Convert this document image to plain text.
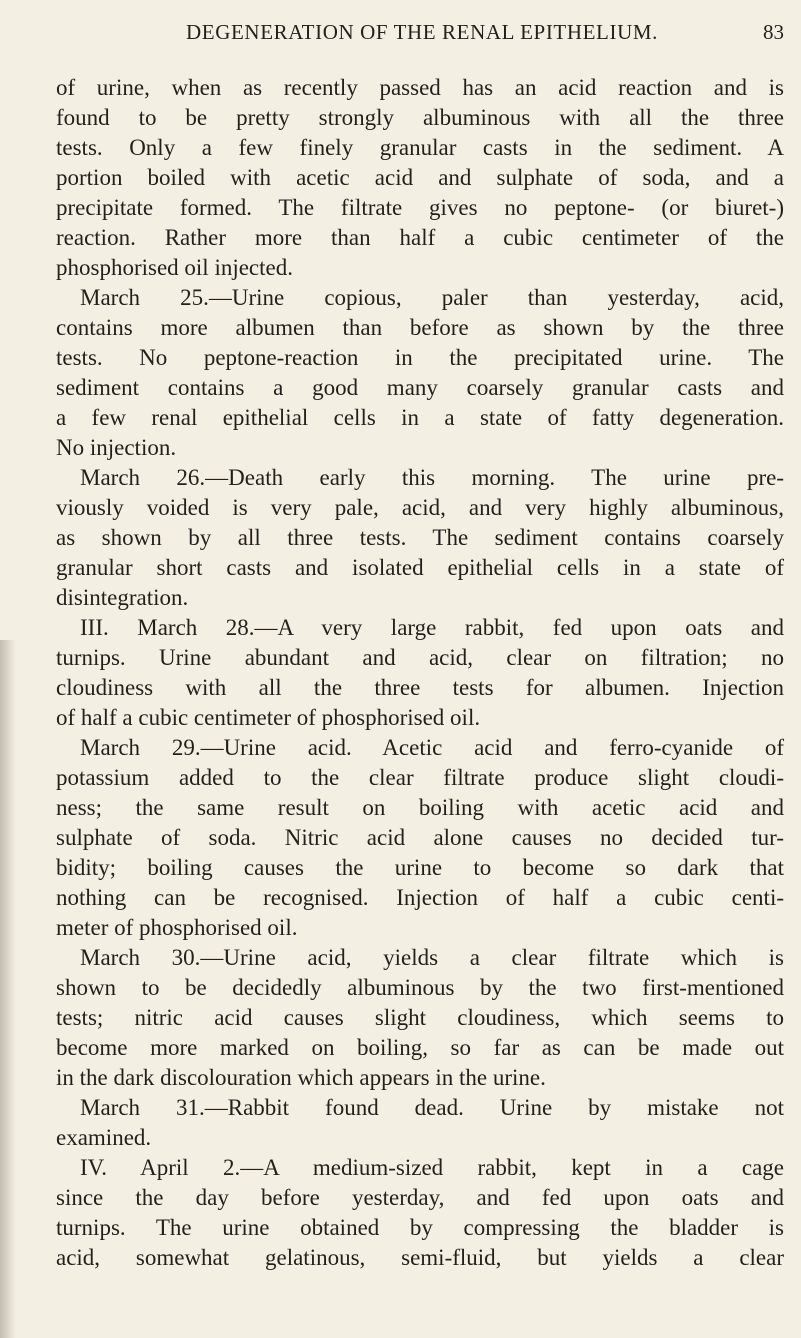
DEGENERATION OF THE RENAL EPITHELIUM.	83
of urine, when as recently passed has an acid reaction and is
found to be pretty strongly albuminous with all the three
tests. Only a few finely granular casts in the sediment. A
portion boiled with acetic acid and sulphate of soda, and a
precipitate formed. The filtrate gives no peptone- (or biuret-)
reaction. Rather more than half a cubic centimeter of the
phosphorised oil injected.
March 25.—Urine copious, paler than yesterday, acid,
contains more albumen than before as shown by the three
tests. No peptone-reaction in the precipitated urine. The
sediment contains a good many coarsely granular casts and
a few renal epithelial cells in a state of fatty degeneration.
No injection.
March 26.—Death early this morning. The urine pre-
viously voided is very pale, acid, and very highly albuminous,
as shown by all three tests. The sediment contains coarsely
granular short casts and isolated epithelial cells in a state of
disintegration.
III. March 28.—A very large rabbit, fed upon oats and
turnips. Urine abundant and acid, clear on filtration; no
cloudiness with all the three tests for albumen. Injection
of half a cubic centimeter of phosphorised oil.
March 29.—Urine acid. Acetic acid and ferro-cyanide of
potassium added to the clear filtrate produce slight cloudi-
ness; the same result on boiling with acetic acid and
sulphate of soda. Nitric acid alone causes no decided tur-
bidity; boiling causes the urine to become so dark that
nothing can be recognised. Injection of half a cubic centi-
meter of phosphorised oil.
March 30.—Urine acid, yields a clear filtrate which is
shown to be decidedly albuminous by the two first-mentioned
tests; nitric acid causes slight cloudiness, which seems to
become more marked on boiling, so far as can be made out
in the dark discolouration which appears in the urine.
March 31.—Rabbit found dead. Urine by mistake not
examined.
IV. April 2.—A medium-sized rabbit, kept in a cage
since the day before yesterday, and fed upon oats and
turnips. The urine obtained by compressing the bladder is
acid, somewhat gelatinous, semi-fluid, but yields a clear
